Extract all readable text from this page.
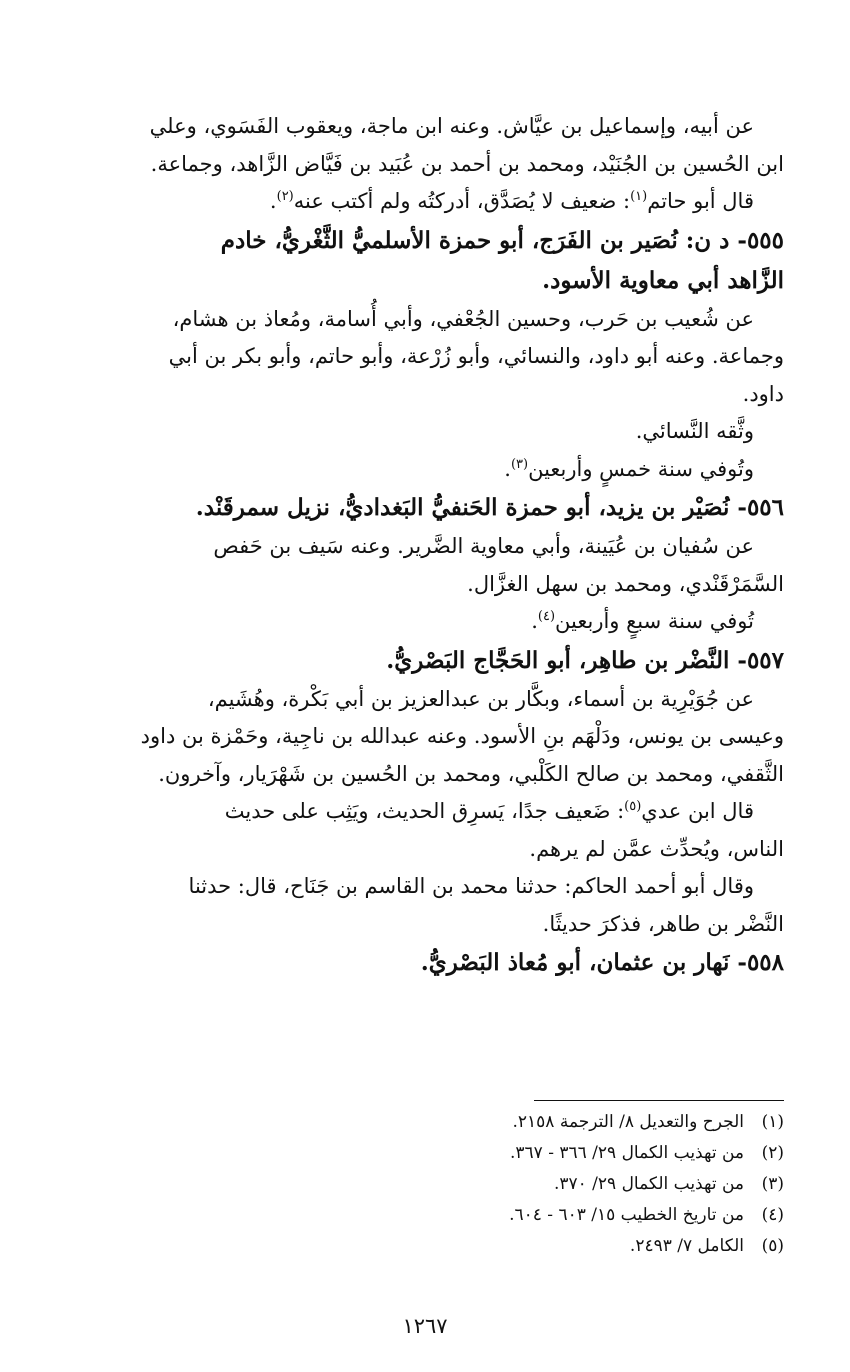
عن أبيه، وإسماعيل بن عيَّاش. وعنه ابن ماجة، ويعقوب الفَسَوي، وعلي

ابن الحُسين بن الجُنَيْد، ومحمد بن أحمد بن عُبَيد بن فَيَّاض الزَّاهد، وجماعة.

قال أبو حاتم$^{(١)}$: ضعيف لا يُصَدَّق، أدركتُه ولم أكتب عنه$^{(٢)}$.

٥٥٥- د ن: نُصَير بن الفَرَج، أبو حمزة الأسلميُّ الثَّغْريُّ، خادم

الزَّاهد أبي معاوية الأسود.

عن شُعيب بن حَرب، وحسين الجُعْفي، وأبي أُسامة، ومُعاذ بن هشام،

وجماعة. وعنه أبو داود، والنسائي، وأبو زُرْعة، وأبو حاتم، وأبو بكر بن أبي

داود.

وثَّقه النَّسائي.

وتُوفي سنة خمسٍ وأربعين$^{(٣)}$.

٥٥٦- نُصَيْر بن يزيد، أبو حمزة الحَنفيُّ البَغداديُّ، نزيل سمرقَنْد.

عن سُفيان بن عُيَينة، وأبي معاوية الضَّرير. وعنه سَيف بن حَفص

السَّمَرْقَنْدي، ومحمد بن سهل الغزَّال.

تُوفي سنة سبعٍ وأربعين$^{(٤)}$.

٥٥٧- النَّضْر بن طاهِر، أبو الحَجَّاج البَصْريُّ.

عن جُوَيْرِية بن أسماء، وبكَّار بن عبدالعزيز بن أبي بَكْرة، وهُشَيم،

وعيسى بن يونس، ودَلْهَم بنِ الأسود. وعنه عبدالله بن ناجِية، وحَمْزة بن داود

الثَّقفي، ومحمد بن صالح الكَلْبي، ومحمد بن الحُسين بن شَهْرَيار، وآخرون.

قال ابن عدي$^{(٥)}$: ضَعيف جدًا، يَسرِق الحديث، ويَثِب على حديث

الناس، ويُحدِّث عمَّن لم يرهم.

وقال أبو أحمد الحاكم: حدثنا محمد بن القاسم بن جَنَاح، قال: حدثنا

النَّضْر بن طاهر، فذكرَ حديثًا.

٥٥٨- نَهار بن عثمان، أبو مُعاذ البَصْريُّ.

(١)الجرح والتعديل ٨/ الترجمة ٢١٥٨.
(٢)من تهذيب الكمال ٢٩/ ٣٦٦ - ٣٦٧.
(٣)من تهذيب الكمال ٢٩/ ٣٧٠.
(٤)من تاريخ الخطيب ١٥/ ٦٠٣ - ٦٠٤.
(٥)الكامل ٧/ ٢٤٩٣.
١٢٦٧
